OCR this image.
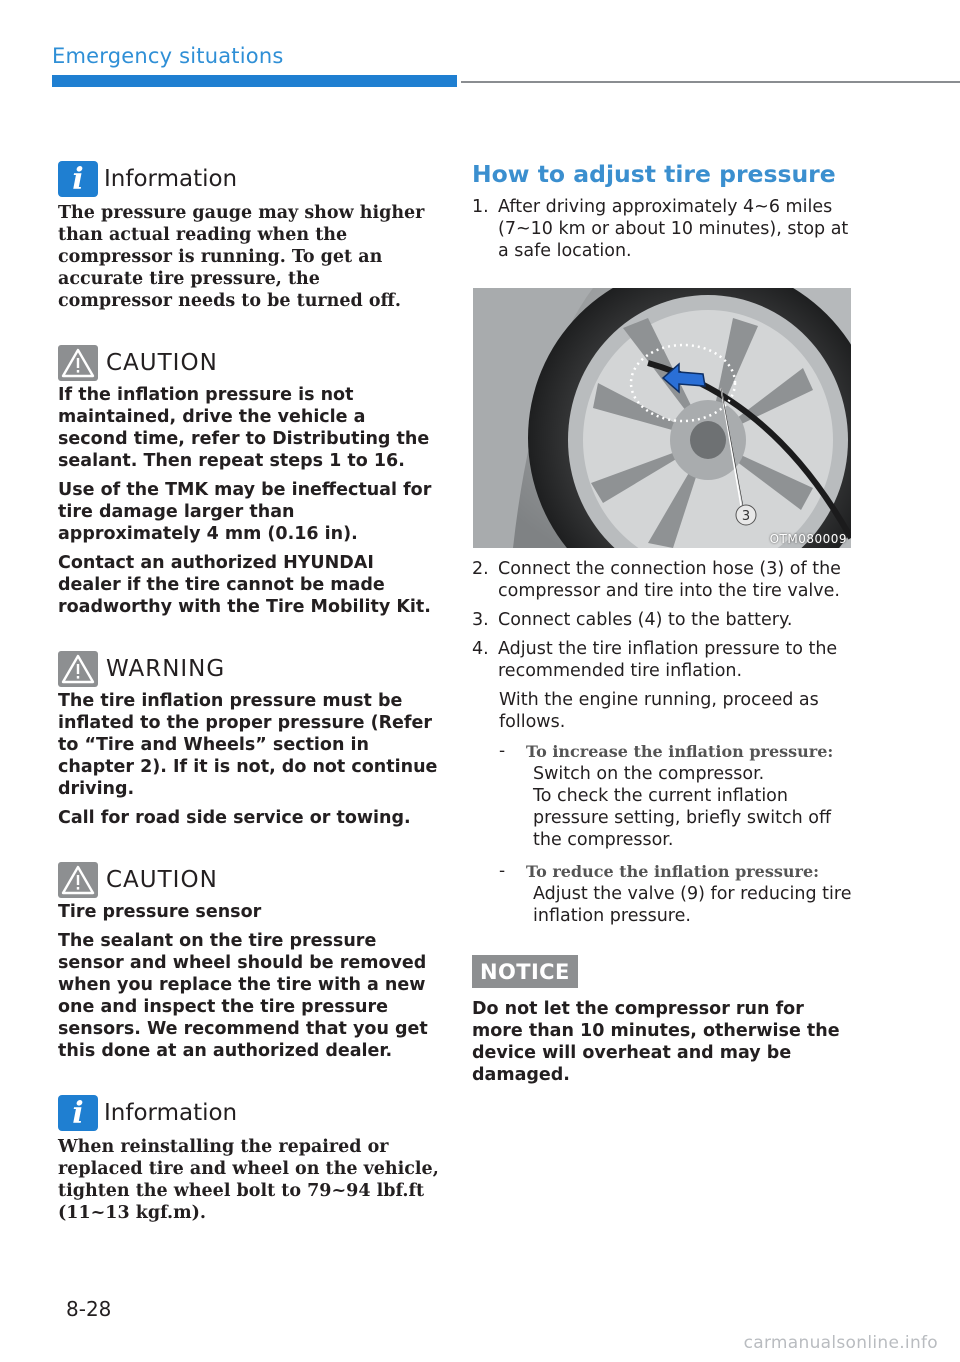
Emergency situations
i Information
The pressure gauge may show higher than actual reading when the compressor is running. To get an accurate tire pressure, the compressor needs to be turned off.
CAUTION

If the inflation pressure is not maintained, drive the vehicle a second time, refer to Distributing the sealant. Then repeat steps 1 to 16.

Use of the TMK may be ineffectual for tire damage larger than approximately 4 mm (0.16 in).

Contact an authorized HYUNDAI dealer if the tire cannot be made roadworthy with the Tire Mobility Kit.

WARNING

The tire inflation pressure must be inflated to the proper pressure (Refer to “Tire and Wheels” section in chapter 2). If it is not, do not continue driving.

Call for road side service or towing.

CAUTION

Tire pressure sensor

The sealant on the tire pressure sensor and wheel should be removed when you replace the tire with a new one and inspect the tire pressure sensors. We recommend that you get this done at an authorized dealer.

i Information
When reinstalling the repaired or replaced tire and wheel on the vehicle, tighten the wheel bolt to 79~94 lbf.ft (11~13 kgf.m).
How to adjust tire pressure
1. After driving approximately 4~6 miles (7~10 km or about 10 minutes), stop at a safe location.
3
OTM080009
2. Connect the connection hose (3) of the compressor and tire into the tire valve.
3. Connect cables (4) to the battery.
4. Adjust the tire inflation pressure to the recommended tire inflation.
With the engine running, proceed as follows.
-	To increase the inflation pressure:
Switch on the compressor.
To check the current inflation pressure setting, briefly switch off the compressor.
-	To reduce the inflation pressure:
Adjust the valve (9) for reducing tire inflation pressure.
NOTICE
Do not let the compressor run for more than 10 minutes, otherwise the device will overheat and may be damaged.
8-28
carmanualsonline.info
